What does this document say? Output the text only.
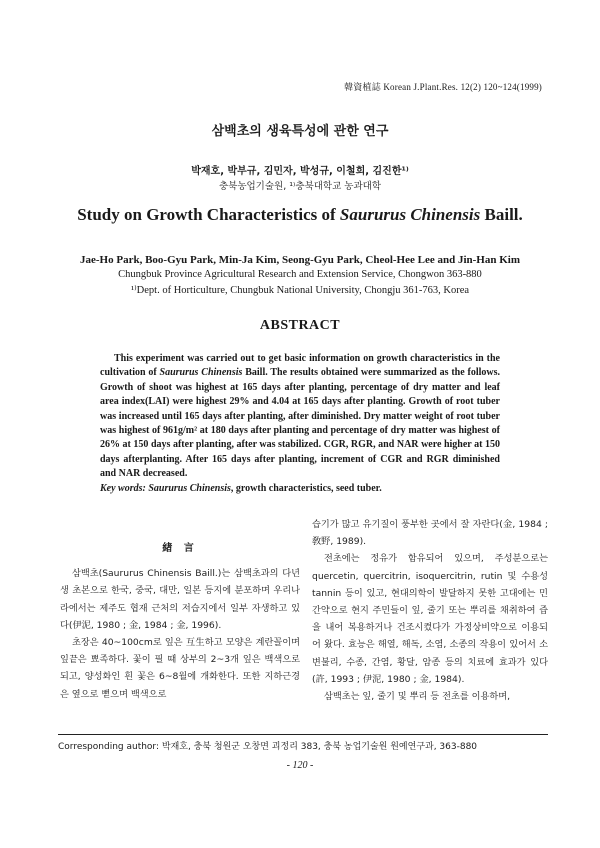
韓資植誌 Korean J.Plant.Res. 12(2) 120~124(1999)
삼백초의 생육특성에 관한 연구
박재호, 박부규, 김민자, 박성규, 이철희, 김진한¹⁾
충북농업기술원, ¹⁾충북대학교 농과대학
Study on Growth Characteristics of Saururus Chinensis Baill.
Jae-Ho Park, Boo-Gyu Park, Min-Ja Kim, Seong-Gyu Park, Cheol-Hee Lee and Jin-Han Kim
Chungbuk Province Agricultural Research and Extension Service, Chongwon 363-880
¹⁾Dept. of Horticulture, Chungbuk National University, Chongju 361-763, Korea
ABSTRACT
This experiment was carried out to get basic information on growth characteristics in the cultivation of Saururus Chinensis Baill. The results obtained were summarized as the follows. Growth of shoot was highest at 165 days after planting, percentage of dry matter and leaf area index(LAI) were highest 29% and 4.04 at 165 days after planting. Growth of root tuber was increased until 165 days after planting, after diminished. Dry matter weight of root tuber was highest of 961g/m² at 180 days after planting and percentage of dry matter was highest of 26% at 150 days after planting, after was stabilized. CGR, RGR, and NAR were higher at 150 days afterplanting. After 165 days after planting, increment of CGR and RGR diminished and NAR decreased.
Key words: Saururus Chinensis, growth characteristics, seed tuber.
緖 言

삼백초(Saururus Chinensis Baill.)는 삼백초과의 다년생 초본으로 한국, 중국, 대만, 일본 등지에 분포하며 우리나라에서는 제주도 협재 근처의 저습지에서 일부 자생하고 있다(伊泥, 1980 ; 金, 1984 ; 金, 1996).

초장은 40~100cm로 잎은 互生하고 모양은 계란꼴이며 잎끝은 뾰족하다. 꽃이 필 때 상부의 2~3개 잎은 백색으로 되고, 양성화인 흰 꽃은 6~8월에 개화한다. 또한 지하근경은 옆으로 뻗으며 백색으로

습기가 많고 유기질이 풍부한 곳에서 잘 자란다(金, 1984 ; 敎野, 1989).

전초에는 정유가 함유되어 있으며, 주성분으로는 quercetin, quercitrin, isoquercitrin, rutin 및 수용성 tannin 등이 있고, 현대의학이 발달하지 못한 고대에는 민간약으로 현지 주민들이 잎, 줄기 또는 뿌리를 채취하여 즙을 내어 복용하거나 건조시켰다가 가정상비약으로 이용되어 왔다. 효능은 해열, 해독, 소염, 소종의 작용이 있어서 소변불리, 수종, 간염, 황달, 암종 등의 치료에 효과가 있다(許, 1993 ; 伊泥, 1980 ; 金, 1984).

삼백초는 잎, 줄기 및 뿌리 등 전초를 이용하며,

Corresponding author: 박재호, 충북 청원군 오창면 괴정리 383, 충북 농업기술원 원예연구과, 363-880
- 120 -
